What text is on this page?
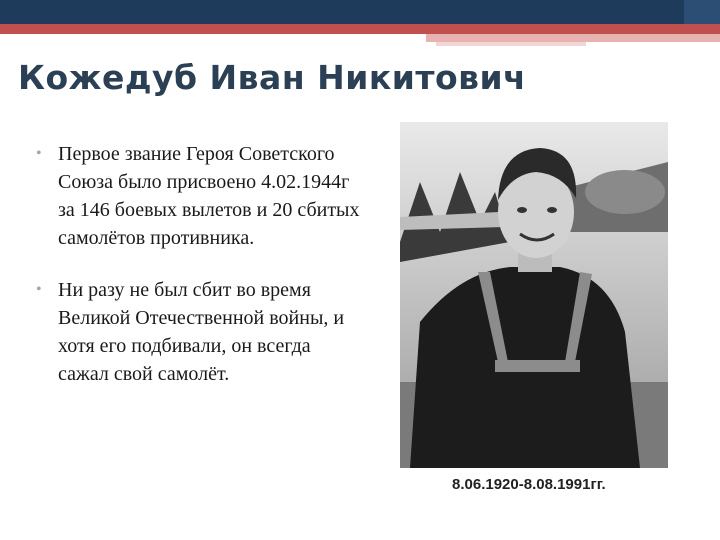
Кожедуб Иван Никитович
• Первое звание Героя Советского Союза было присвоено 4.02.1944г за 146 боевых вылетов и 20 сбитых самолётов противника.
• Ни разу не был сбит во время Великой Отечественной войны, и хотя его подбивали, он всегда сажал свой самолёт.
8.06.1920-8.08.1991гг.
